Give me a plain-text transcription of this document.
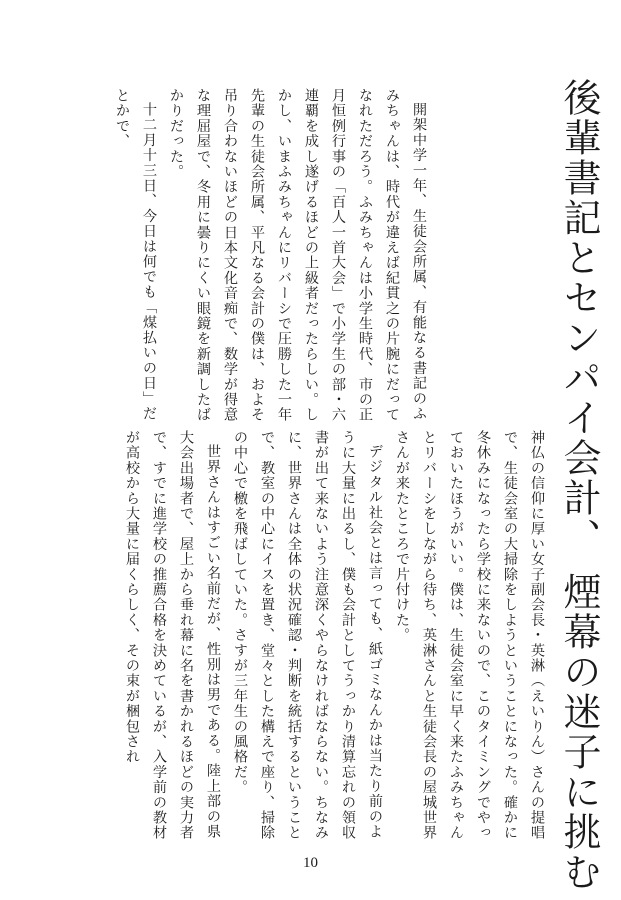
後輩書記とセンパイ会計、
煙幕の迷子に挑む

開架中学一年、生徒会所属、有能なる書記のふみちゃんは、時代が違えば紀貫之の片腕にだってなれただろう。ふみちゃんは小学生時代、市の正月恒例行事の「百人一首大会」で小学生の部・六連覇を成し遂げるほどの上級者だったらしい。しかし、いまふみちゃんにリバーシで圧勝した一年先輩の生徒会所属、平凡なる会計の僕は、およそ吊り合わないほどの日本文化音痴で、数学が得意な理屈屋で、冬用に曇りにくい眼鏡を新調したばかりだった。

十二月十三日、今日は何でも「煤払いの日」だとかで、

神仏の信仰に厚い女子副会長・英淋（えいりん）さんの提唱で、生徒会室の大掃除をしようということになった。確かに冬休みになったら学校に来ないので、このタイミングでやっておいたほうがいい。僕は、生徒会室に早く来たふみちゃんとリバーシをしながら待ち、英淋さんと生徒会長の屋城世界さんが来たところで片付けた。

デジタル社会とは言っても、紙ゴミなんかは当たり前のように大量に出るし、僕も会計としてうっかり清算忘れの領収書が出て来ないよう注意深くやらなければならない。ちなみに、世界さんは全体の状況確認・判断を統括するということで、教室の中心にイスを置き、堂々とした構えで座り、掃除の中心で檄を飛ばしていた。さすが三年生の風格だ。

世界さんはすごい名前だが、性別は男である。陸上部の県大会出場者で、屋上から垂れ幕に名を書かれるほどの実力者で、すでに進学校の推薦合格を決めているが、入学前の教材が高校から大量に届くらしく、その束が梱包され

10
